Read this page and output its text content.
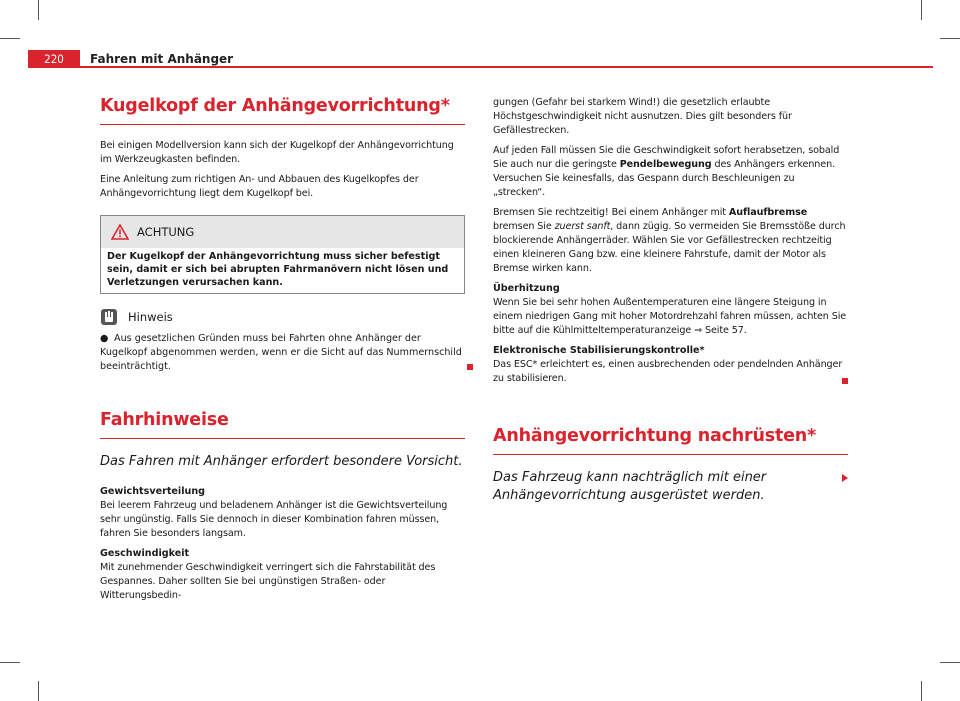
220	Fahren mit Anhänger
Kugelkopf der Anhängevorrichtung*

Bei einigen Modellversion kann sich der Kugelkopf der Anhängevorrichtung im Werkzeugkasten befinden.

Eine Anleitung zum richtigen An- und Abbauen des Kugelkopfes der Anhängevorrichtung liegt dem Kugelkopf bei.

ACHTUNG
Der Kugelkopf der Anhängevorrichtung muss sicher befestigt sein, damit er sich bei abrupten Fahrmanövern nicht lösen und Verletzungen verursachen kann.
Hinweis
● Aus gesetzlichen Gründen muss bei Fahrten ohne Anhänger der Kugelkopf abgenommen werden, wenn er die Sicht auf das Nummernschild beeinträchtigt.
Fahrhinweise

Das Fahren mit Anhänger erfordert besondere Vorsicht.

Gewichtsverteilung

Bei leerem Fahrzeug und beladenem Anhänger ist die Gewichtsverteilung sehr ungünstig. Falls Sie dennoch in dieser Kombination fahren müssen, fahren Sie besonders langsam.

Geschwindigkeit

Mit zunehmender Geschwindigkeit verringert sich die Fahrstabilität des Gespannes. Daher sollten Sie bei ungünstigen Straßen- oder Witterungsbedin-

gungen (Gefahr bei starkem Wind!) die gesetzlich erlaubte Höchstgeschwindigkeit nicht ausnutzen. Dies gilt besonders für Gefällestrecken.

Auf jeden Fall müssen Sie die Geschwindigkeit sofort herabsetzen, sobald Sie auch nur die geringste Pendelbewegung des Anhängers erkennen. Versuchen Sie keinesfalls, das Gespann durch Beschleunigen zu „strecken“.

Bremsen Sie rechtzeitig! Bei einem Anhänger mit Auflaufbremse bremsen Sie zuerst sanft, dann zügig. So vermeiden Sie Bremsstöße durch blockierende Anhängerräder. Wählen Sie vor Gefällestrecken rechtzeitig einen kleineren Gang bzw. eine kleinere Fahrstufe, damit der Motor als Bremse wirken kann.

Überhitzung

Wenn Sie bei sehr hohen Außentemperaturen eine längere Steigung in einem niedrigen Gang mit hoher Motordrehzahl fahren müssen, achten Sie bitte auf die Kühlmitteltemperaturanzeige ⇒ Seite 57.

Elektronische Stabilisierungskontrolle*

Das ESC* erleichtert es, einen ausbrechenden oder pendelnden Anhänger zu stabilisieren.

Anhängevorrichtung nachrüsten*

Das Fahrzeug kann nachträglich mit einer Anhängevorrichtung ausgerüstet werden.
